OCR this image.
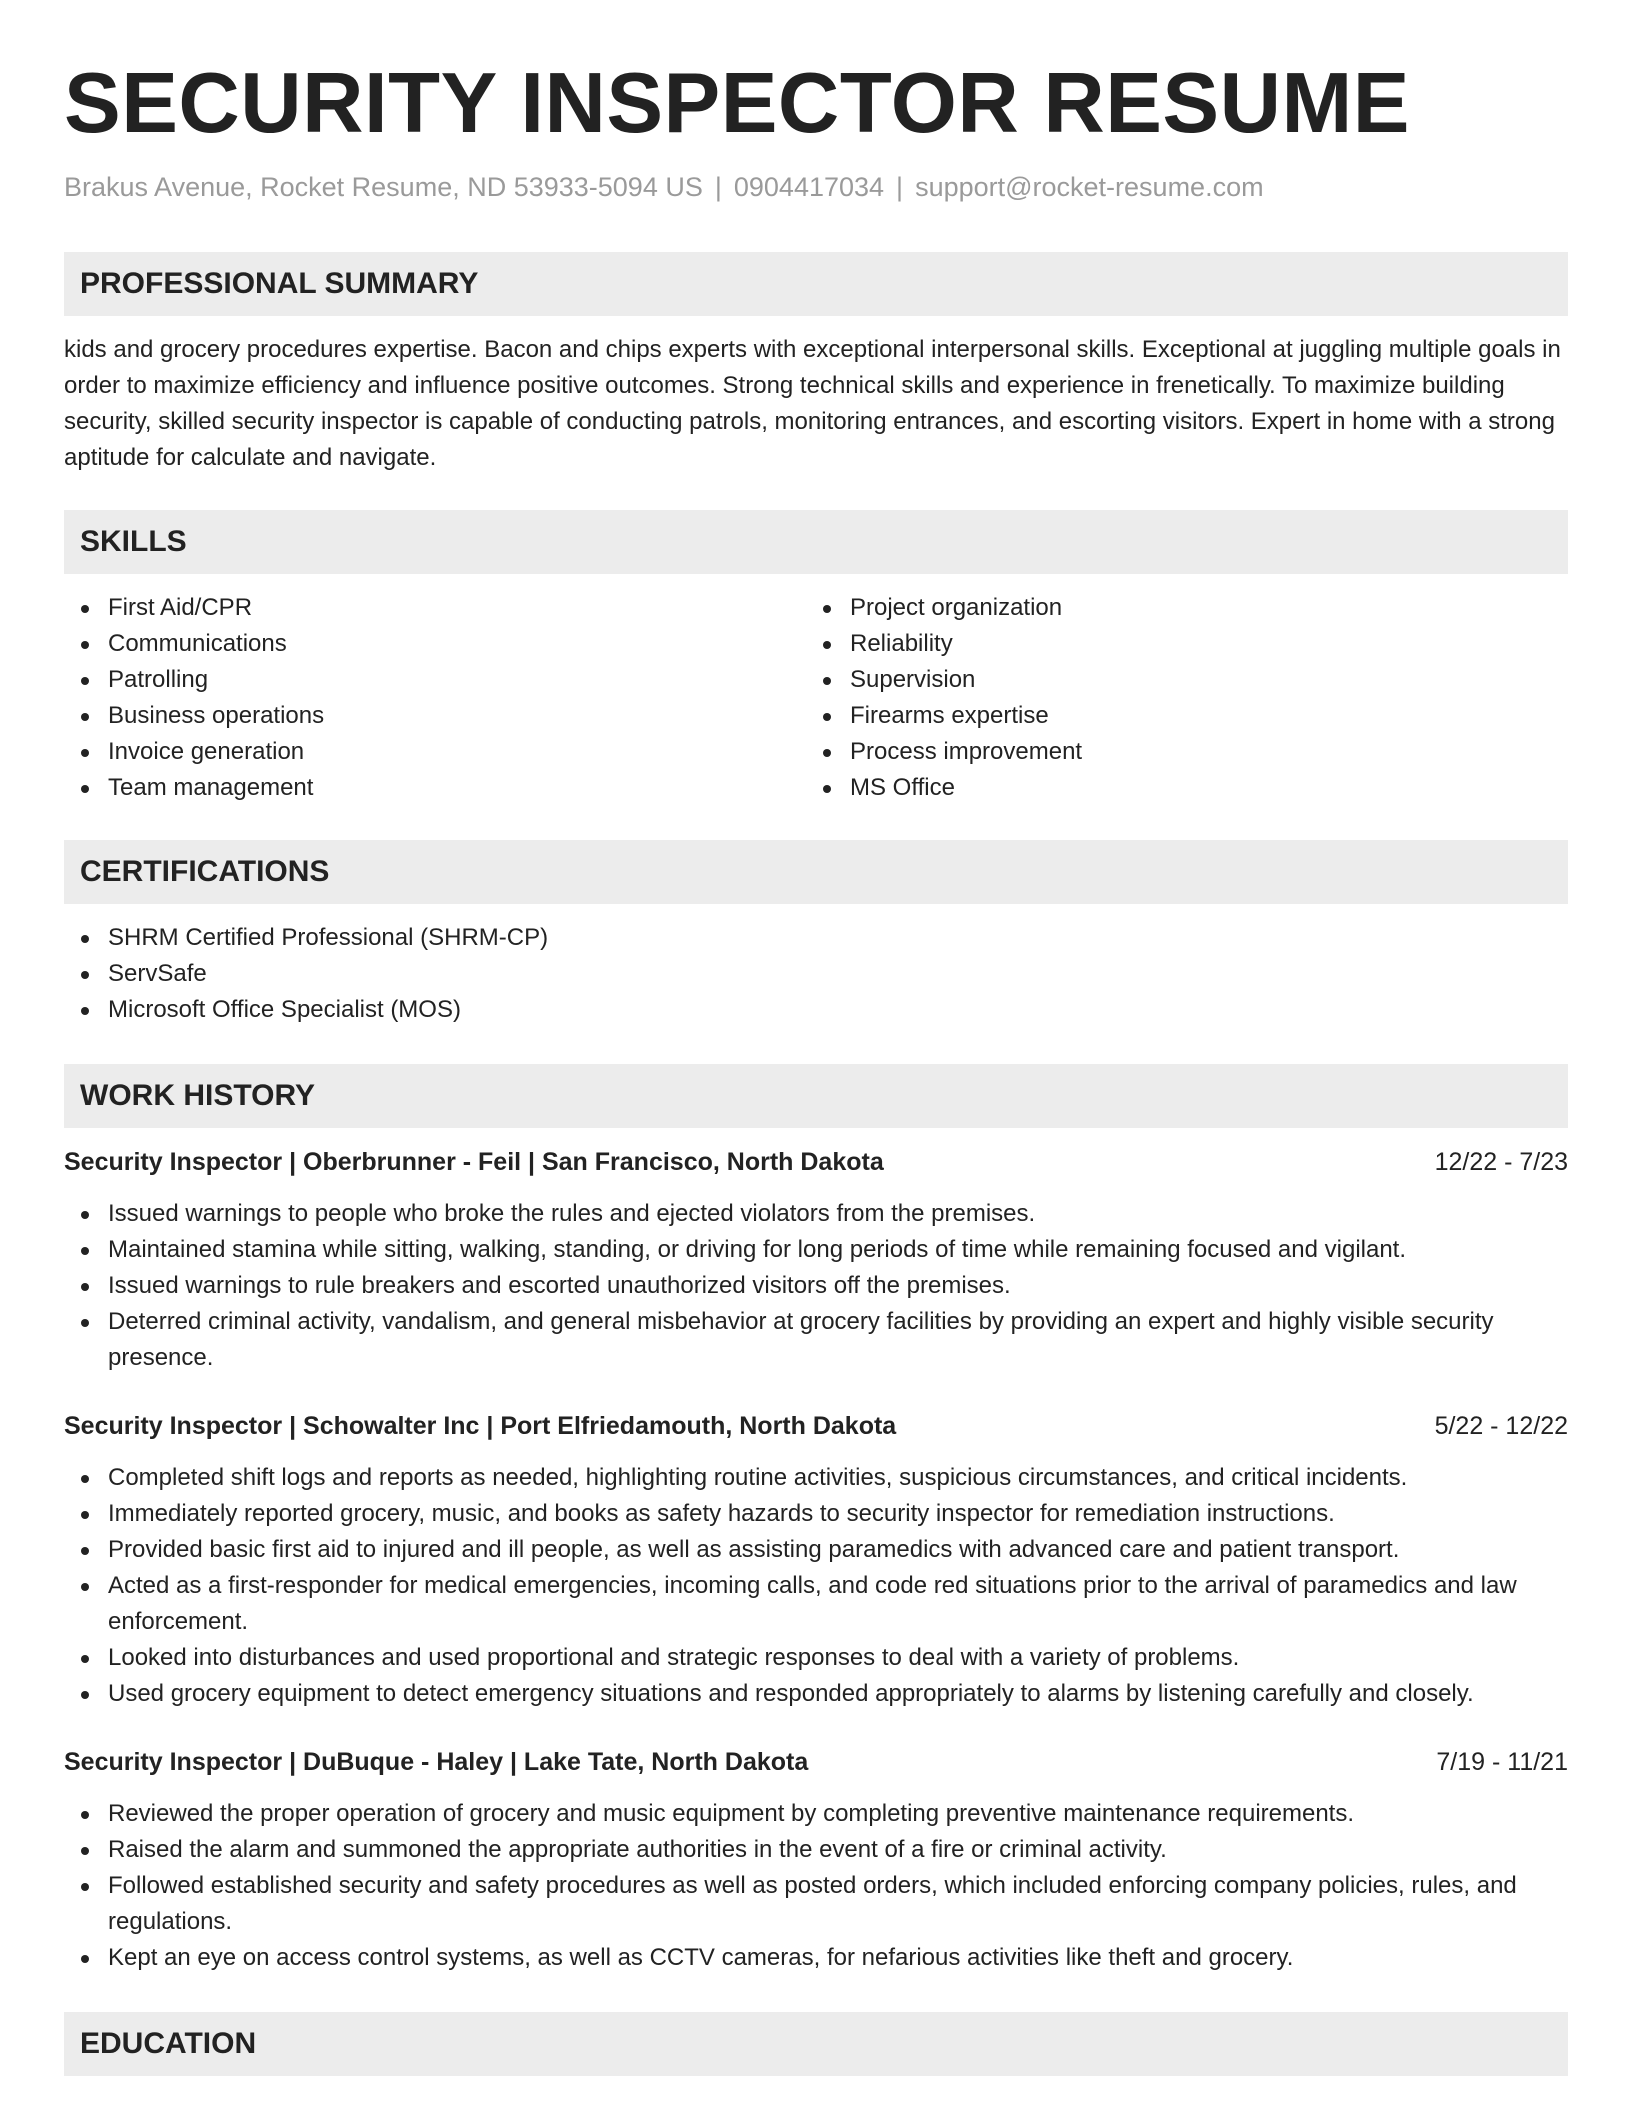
SECURITY INSPECTOR RESUME
Brakus Avenue, Rocket Resume, ND 53933-5094 US | 0904417034 | support@rocket-resume.com
PROFESSIONAL SUMMARY

kids and grocery procedures expertise. Bacon and chips experts with exceptional interpersonal skills. Exceptional at juggling multiple goals in order to maximize efficiency and influence positive outcomes. Strong technical skills and experience in frenetically. To maximize building security, skilled security inspector is capable of conducting patrols, monitoring entrances, and escorting visitors. Expert in home with a strong aptitude for calculate and navigate.

SKILLS
First Aid/CPR
Communications
Patrolling
Business operations
Invoice generation
Team management
Project organization
Reliability
Supervision
Firearms expertise
Process improvement
MS Office
CERTIFICATIONS
SHRM Certified Professional (SHRM-CP)
ServSafe
Microsoft Office Specialist (MOS)
WORK HISTORY
Security Inspector | Oberbrunner - Feil | San Francisco, North Dakota	12/22 - 7/23
Issued warnings to people who broke the rules and ejected violators from the premises.
Maintained stamina while sitting, walking, standing, or driving for long periods of time while remaining focused and vigilant.
Issued warnings to rule breakers and escorted unauthorized visitors off the premises.
Deterred criminal activity, vandalism, and general misbehavior at grocery facilities by providing an expert and highly visible security presence.
Security Inspector | Schowalter Inc | Port Elfriedamouth, North Dakota	5/22 - 12/22
Completed shift logs and reports as needed, highlighting routine activities, suspicious circumstances, and critical incidents.
Immediately reported grocery, music, and books as safety hazards to security inspector for remediation instructions.
Provided basic first aid to injured and ill people, as well as assisting paramedics with advanced care and patient transport.
Acted as a first-responder for medical emergencies, incoming calls, and code red situations prior to the arrival of paramedics and law enforcement.
Looked into disturbances and used proportional and strategic responses to deal with a variety of problems.
Used grocery equipment to detect emergency situations and responded appropriately to alarms by listening carefully and closely.
Security Inspector | DuBuque - Haley | Lake Tate, North Dakota	7/19 - 11/21
Reviewed the proper operation of grocery and music equipment by completing preventive maintenance requirements.
Raised the alarm and summoned the appropriate authorities in the event of a fire or criminal activity.
Followed established security and safety procedures as well as posted orders, which included enforcing company policies, rules, and regulations.
Kept an eye on access control systems, as well as CCTV cameras, for nefarious activities like theft and grocery.
EDUCATION
